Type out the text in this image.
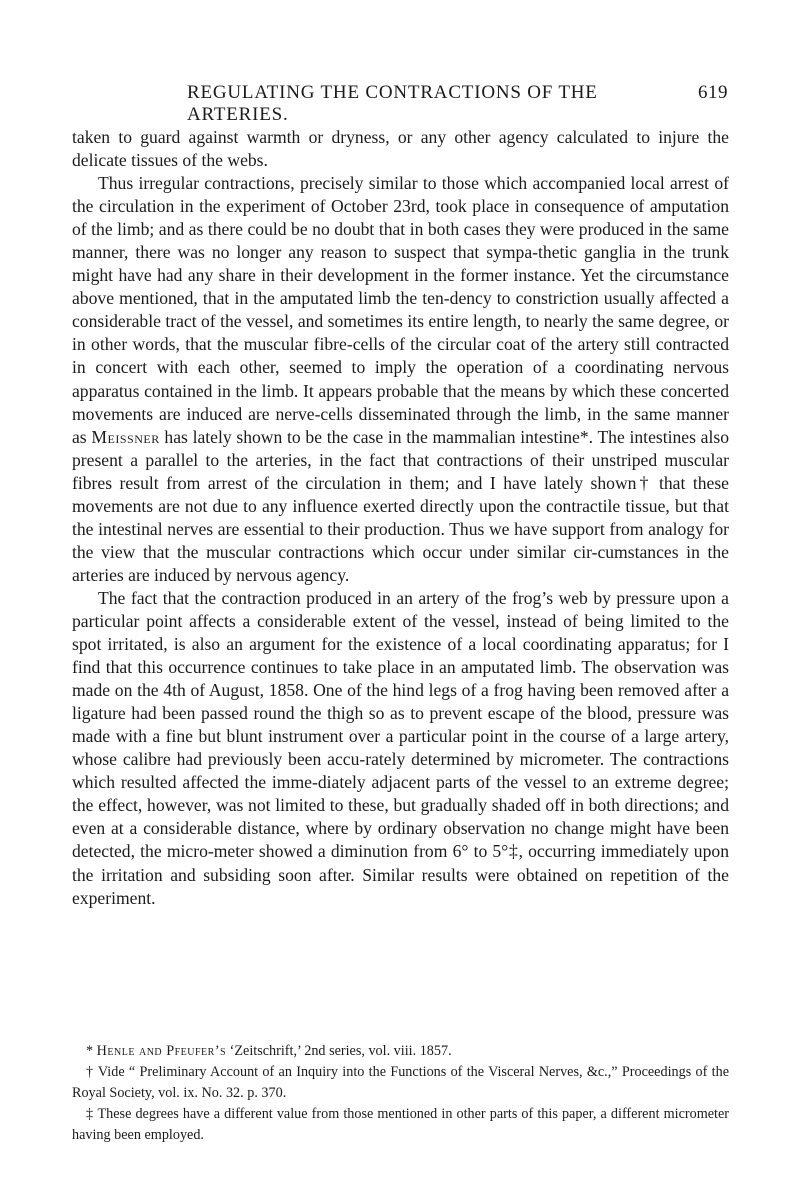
REGULATING THE CONTRACTIONS OF THE ARTERIES.
619

taken to guard against warmth or dryness, or any other agency calculated to injure the delicate tissues of the webs.

Thus irregular contractions, precisely similar to those which accompanied local arrest of the circulation in the experiment of October 23rd, took place in consequence of amputation of the limb; and as there could be no doubt that in both cases they were produced in the same manner, there was no longer any reason to suspect that sympa-thetic ganglia in the trunk might have had any share in their development in the former instance. Yet the circumstance above mentioned, that in the amputated limb the ten-dency to constriction usually affected a considerable tract of the vessel, and sometimes its entire length, to nearly the same degree, or in other words, that the muscular fibre-cells of the circular coat of the artery still contracted in concert with each other, seemed to imply the operation of a coordinating nervous apparatus contained in the limb. It appears probable that the means by which these concerted movements are induced are nerve-cells disseminated through the limb, in the same manner as Meissner has lately shown to be the case in the mammalian intestine*. The intestines also present a parallel to the arteries, in the fact that contractions of their unstriped muscular fibres result from arrest of the circulation in them; and I have lately shown† that these movements are not due to any influence exerted directly upon the contractile tissue, but that the intestinal nerves are essential to their production. Thus we have support from analogy for the view that the muscular contractions which occur under similar cir-cumstances in the arteries are induced by nervous agency.

The fact that the contraction produced in an artery of the frog’s web by pressure upon a particular point affects a considerable extent of the vessel, instead of being limited to the spot irritated, is also an argument for the existence of a local coordinating apparatus; for I find that this occurrence continues to take place in an amputated limb. The observation was made on the 4th of August, 1858. One of the hind legs of a frog having been removed after a ligature had been passed round the thigh so as to prevent escape of the blood, pressure was made with a fine but blunt instrument over a particular point in the course of a large artery, whose calibre had previously been accu-rately determined by micrometer. The contractions which resulted affected the imme-diately adjacent parts of the vessel to an extreme degree; the effect, however, was not limited to these, but gradually shaded off in both directions; and even at a considerable distance, where by ordinary observation no change might have been detected, the micro-meter showed a diminution from 6° to 5°‡, occurring immediately upon the irritation and subsiding soon after. Similar results were obtained on repetition of the experiment.

* Henle and Pfeufer’s ‘Zeitschrift,’ 2nd series, vol. viii. 1857.

† Vide “ Preliminary Account of an Inquiry into the Functions of the Visceral Nerves, &c.,” Proceedings of the Royal Society, vol. ix. No. 32. p. 370.

‡ These degrees have a different value from those mentioned in other parts of this paper, a different micrometer having been employed.
